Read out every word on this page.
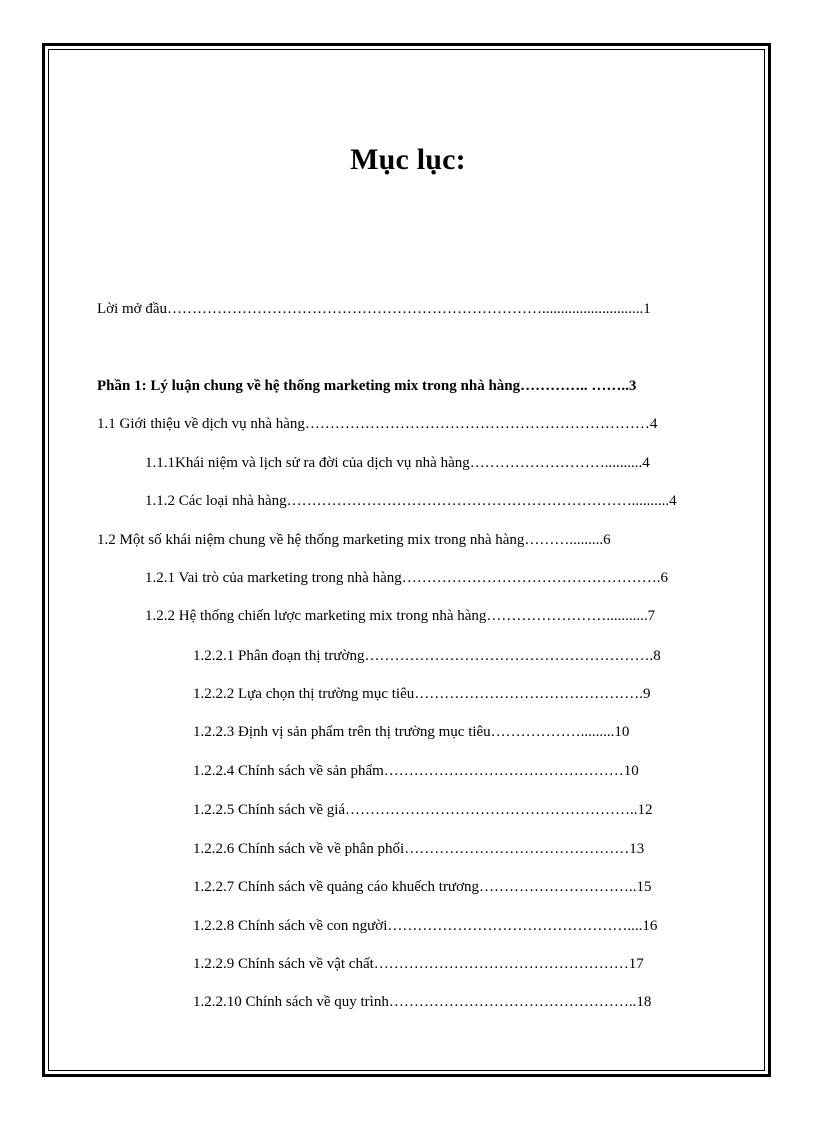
Mục lục:
Lời mở đầu…………………………………………………………………...........................1
Phần 1: Lý luận chung về hệ thống marketing mix trong nhà hàng………….. ……..3
1.1 Giới thiệu về dịch vụ nhà hàng……………………………………………………………4
1.1.1Khái niệm và lịch sử ra đời của dịch vụ nhà hàng………………………..........4
1.1.2 Các loại nhà hàng……………………………………………………………..........4
1.2 Một số khái niệm chung về hệ thống marketing mix trong nhà hàng……….........6
1.2.1 Vai trò của marketing trong nhà hàng…………………………………………….6
1.2.2 Hệ thống chiến lược marketing mix trong nhà hàng……………………...........7
1.2.2.1 Phân đoạn thị trường………………………………………………….8
1.2.2.2 Lựa chọn thị trường mục tiêu……………………………………….9
1.2.2.3 Định vị sản phẩm trên thị trường mục tiêu……………….........10
1.2.2.4 Chính sách về sản phẩm…………………………………………10
1.2.2.5 Chính sách về giá…………………………………………………..12
1.2.2.6 Chính sách về về phân phối………………………………………13
1.2.2.7 Chính sách về quảng cáo khuếch trương…………………………..15
1.2.2.8 Chính sách về con người…………………………………………....16
1.2.2.9 Chính sách về vật chất……………………………………………17
1.2.2.10 Chính sách về quy trình…………………………………………..18
